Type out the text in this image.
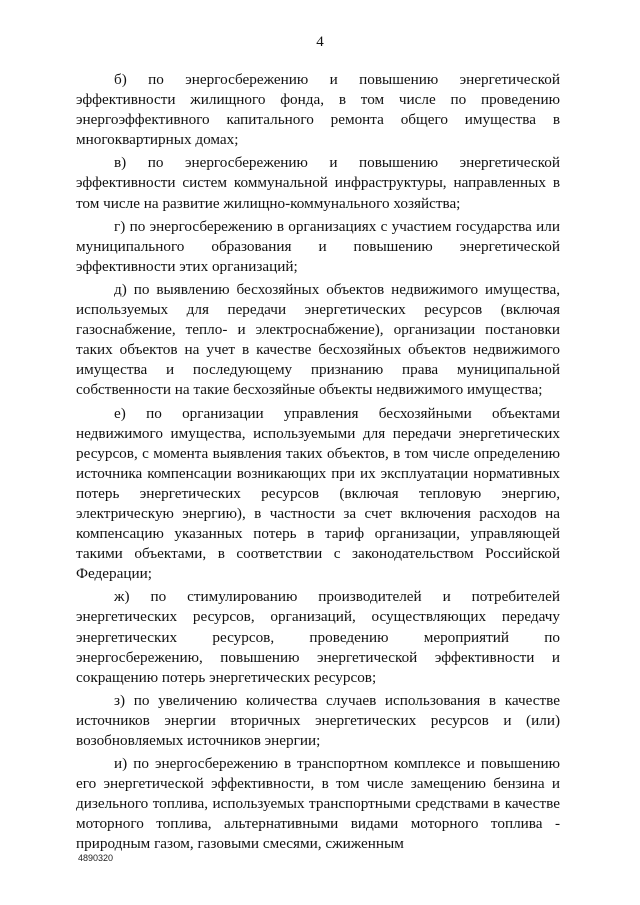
4

б) по энергосбережению и повышению энергетической эффективности жилищного фонда, в том числе по проведению энергоэффективного капитального ремонта общего имущества в многоквартирных домах;

в) по энергосбережению и повышению энергетической эффективности систем коммунальной инфраструктуры, направленных в том числе на развитие жилищно-коммунального хозяйства;

г) по энергосбережению в организациях с участием государства или муниципального образования и повышению энергетической эффективности этих организаций;

д) по выявлению бесхозяйных объектов недвижимого имущества, используемых для передачи энергетических ресурсов (включая газоснабжение, тепло- и электроснабжение), организации постановки таких объектов на учет в качестве бесхозяйных объектов недвижимого имущества и последующему признанию права муниципальной собственности на такие бесхозяйные объекты недвижимого имущества;

е) по организации управления бесхозяйными объектами недвижимого имущества, используемыми для передачи энергетических ресурсов, с момента выявления таких объектов, в том числе определению источника компенсации возникающих при их эксплуатации нормативных потерь энергетических ресурсов (включая тепловую энергию, электрическую энергию), в частности за счет включения расходов на компенсацию указанных потерь в тариф организации, управляющей такими объектами, в соответствии с законодательством Российской Федерации;

ж) по стимулированию производителей и потребителей энергетических ресурсов, организаций, осуществляющих передачу энергетических ресурсов, проведению мероприятий по энергосбережению, повышению энергетической эффективности и сокращению потерь энергетических ресурсов;

з) по увеличению количества случаев использования в качестве источников энергии вторичных энергетических ресурсов и (или) возобновляемых источников энергии;

и) по энергосбережению в транспортном комплексе и повышению его энергетической эффективности, в том числе замещению бензина и дизельного топлива, используемых транспортными средствами в качестве моторного топлива, альтернативными видами моторного топлива - природным газом, газовыми смесями, сжиженным

4890320
